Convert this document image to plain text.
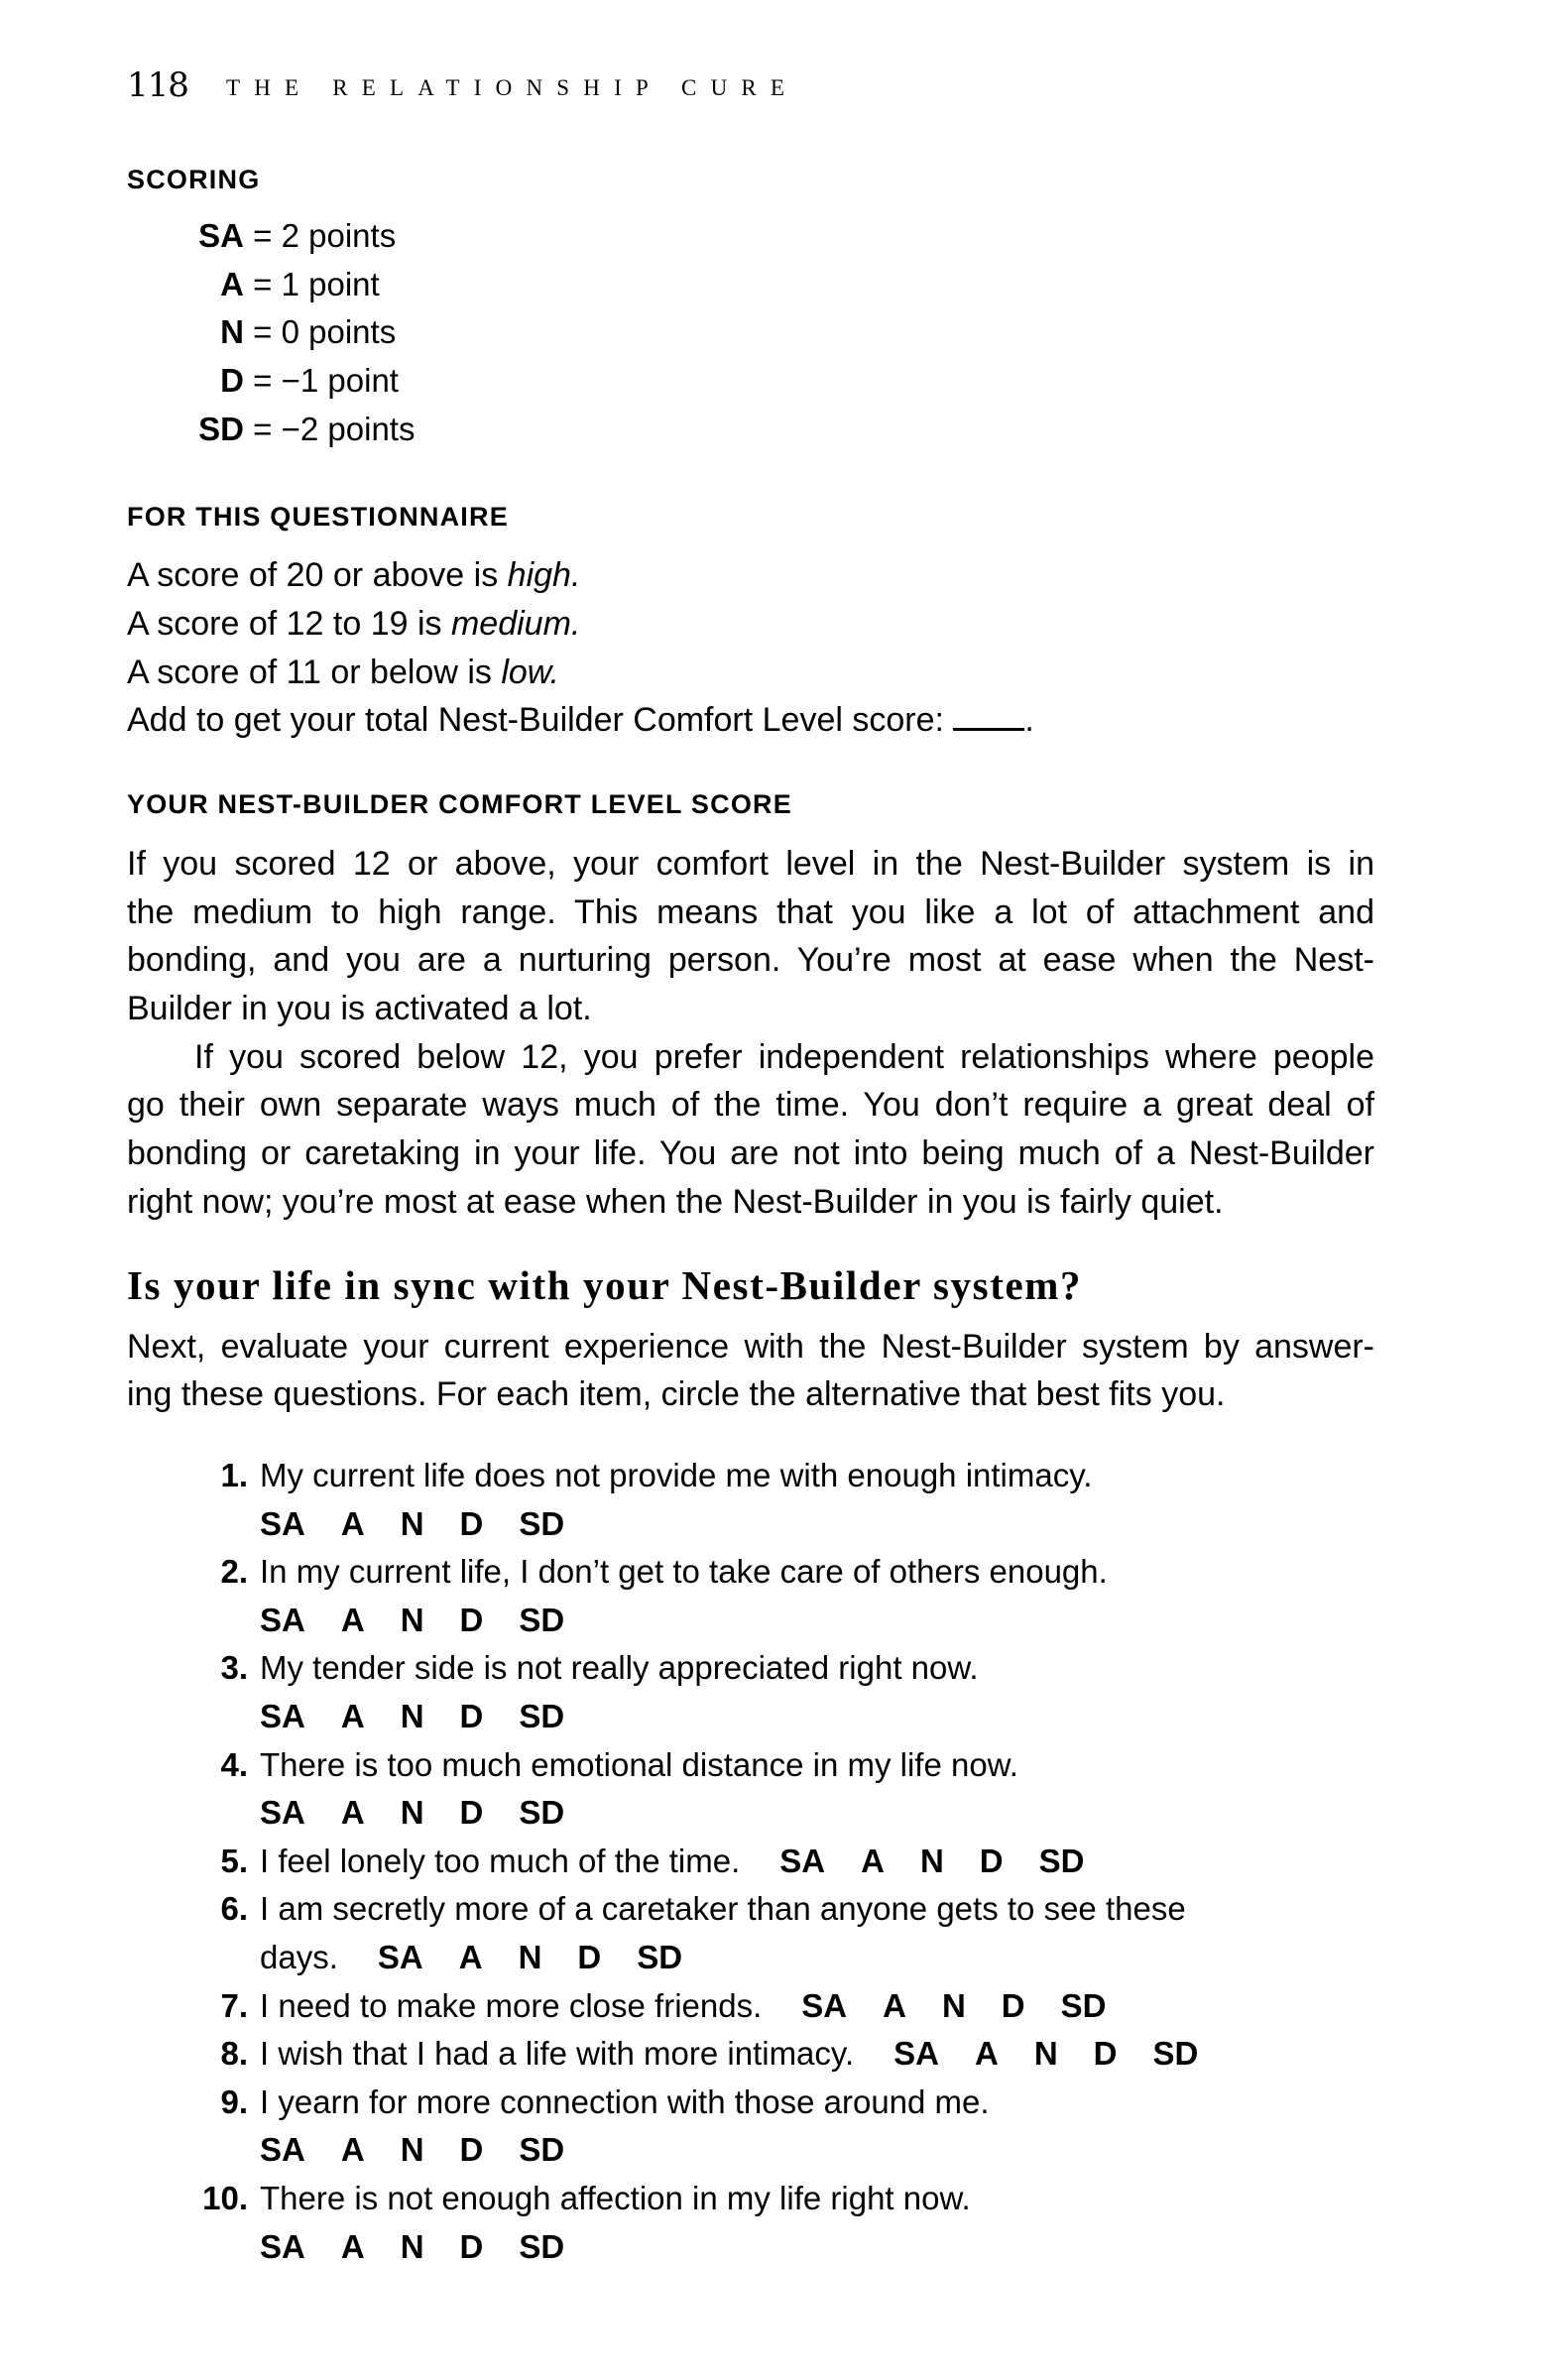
118 THE RELATIONSHIP CURE
SCORING
SA = 2 points
A = 1 point
N = 0 points
D = −1 point
SD = −2 points
FOR THIS QUESTIONNAIRE
A score of 20 or above is high.
A score of 12 to 19 is medium.
A score of 11 or below is low.
Add to get your total Nest-Builder Comfort Level score: .
YOUR NEST-BUILDER COMFORT LEVEL SCORE
If you scored 12 or above, your comfort level in the Nest-Builder system is in
the medium to high range. This means that you like a lot of attachment and
bonding, and you are a nurturing person. You’re most at ease when the Nest-
Builder in you is activated a lot.
If you scored below 12, you prefer independent relationships where people
go their own separate ways much of the time. You don’t require a great deal of
bonding or caretaking in your life. You are not into being much of a Nest-Builder
right now; you’re most at ease when the Nest-Builder in you is fairly quiet.
Is your life in sync with your Nest-Builder system?
Next, evaluate your current experience with the Nest-Builder system by answer-
ing these questions. For each item, circle the alternative that best fits you.
1. My current life does not provide me with enough intimacy.
SA A N D SD
2. In my current life, I don’t get to take care of others enough.
SA A N D SD
3. My tender side is not really appreciated right now.
SA A N D SD
4. There is too much emotional distance in my life now.
SA A N D SD
5. I feel lonely too much of the time. SA A N D SD
6. I am secretly more of a caretaker than anyone gets to see these
days. SA A N D SD
7. I need to make more close friends. SA A N D SD
8. I wish that I had a life with more intimacy. SA A N D SD
9. I yearn for more connection with those around me.
SA A N D SD
10. There is not enough affection in my life right now.
SA A N D SD
